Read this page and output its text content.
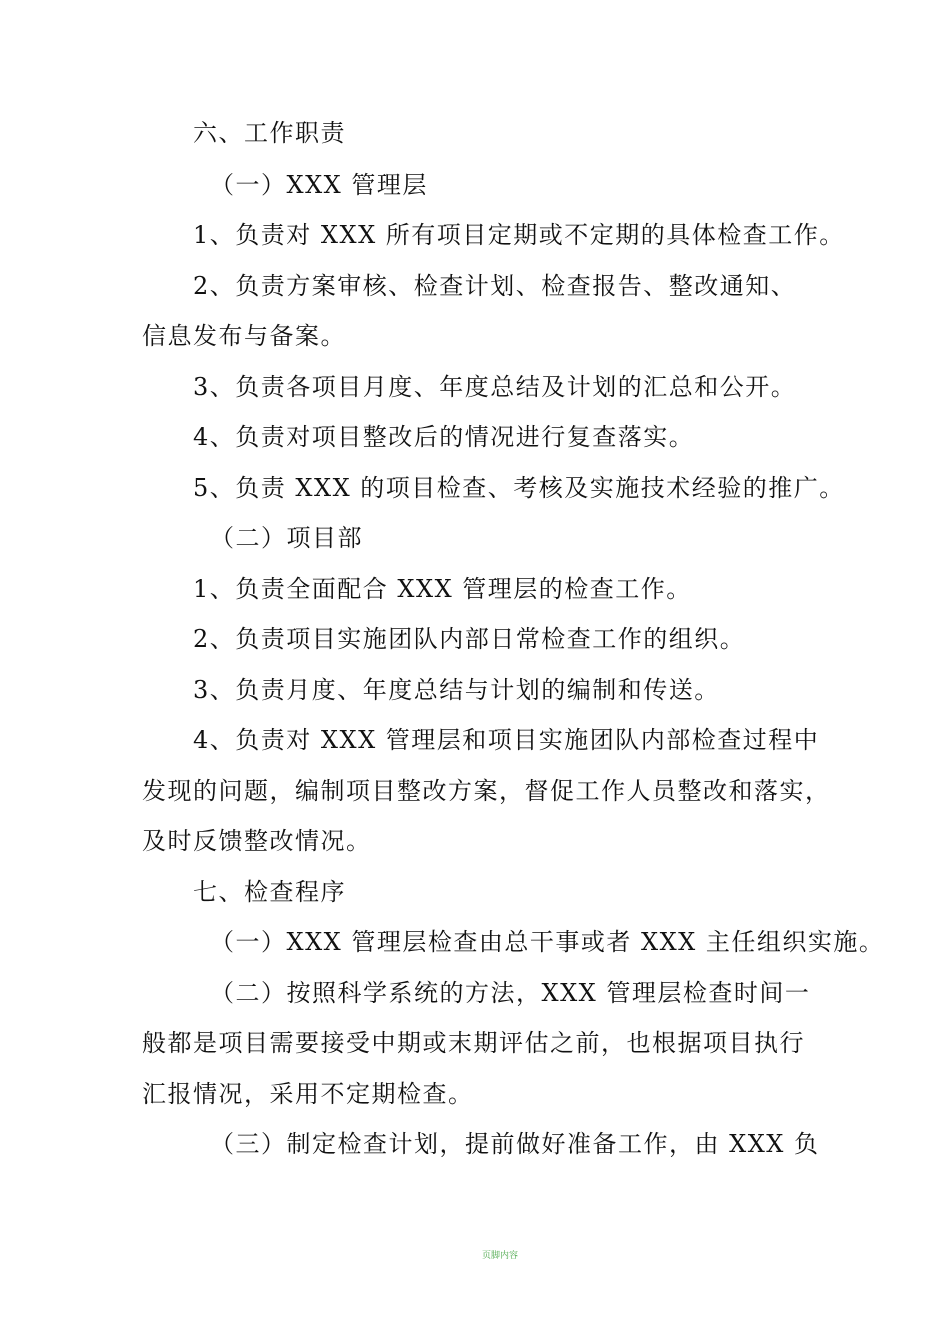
六、工作职责
（一）XXX 管理层
1、负责对 XXX 所有项目定期或不定期的具体检查工作。
2、负责方案审核、检查计划、检查报告、整改通知、
信息发布与备案。
3、负责各项目月度、年度总结及计划的汇总和公开。
4、负责对项目整改后的情况进行复查落实。
5、负责 XXX 的项目检查、考核及实施技术经验的推广。
（二）项目部
1、负责全面配合 XXX 管理层的检查工作。
2、负责项目实施团队内部日常检查工作的组织。
3、负责月度、年度总结与计划的编制和传送。
4、负责对 XXX 管理层和项目实施团队内部检查过程中
发现的问题，编制项目整改方案，督促工作人员整改和落实，
及时反馈整改情况。
七、检查程序
（一）XXX 管理层检查由总干事或者 XXX 主任组织实施。
（二）按照科学系统的方法，XXX 管理层检查时间一
般都是项目需要接受中期或末期评估之前，也根据项目执行
汇报情况，采用不定期检查。
（三）制定检查计划，提前做好准备工作，由 XXX 负
页脚内容
